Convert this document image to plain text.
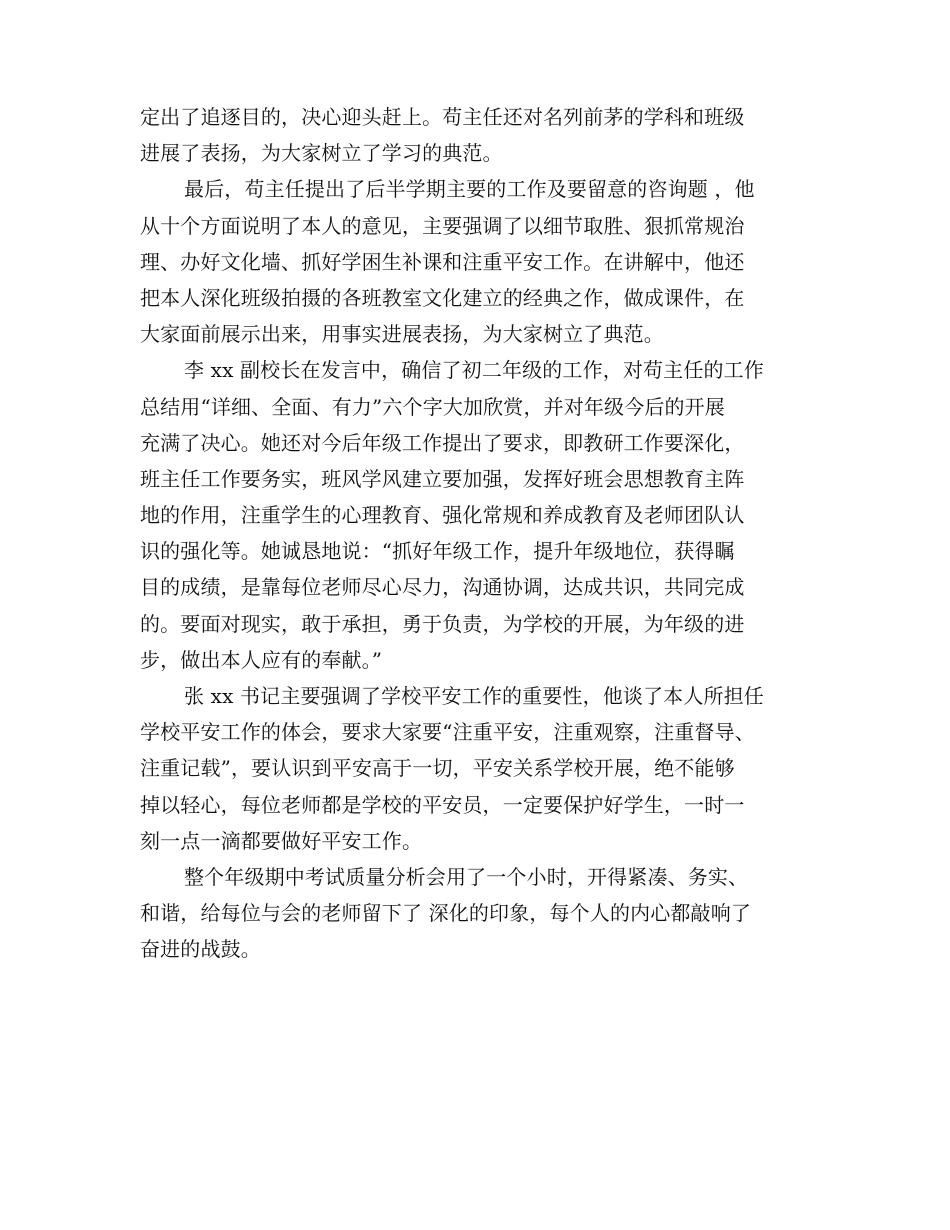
定出了追逐目的，决心迎头赶上。苟主任还对名列前茅的学科和班级
进展了表扬，为大家树立了学习的典范。
最后，苟主任提出了后半学期主要的工作及要留意的咨询题 ，他
从十个方面说明了本人的意见，主要强调了以细节取胜、狠抓常规治
理、办好文化墙、抓好学困生补课和注重平安工作。在讲解中，他还
把本人深化班级拍摄的各班教室文化建立的经典之作，做成课件，在
大家面前展示出来，用事实进展表扬，为大家树立了典范。
李 xx 副校长在发言中，确信了初二年级的工作，对苟主任的工作
总结用“详细、全面、有力”六个字大加欣赏，并对年级今后的开展
充满了决心。她还对今后年级工作提出了要求，即教研工作要深化，
班主任工作要务实，班风学风建立要加强，发挥好班会思想教育主阵
地的作用，注重学生的心理教育、强化常规和养成教育及老师团队认
识的强化等。她诚恳地说：“抓好年级工作，提升年级地位，获得瞩
目的成绩，是靠每位老师尽心尽力，沟通协调，达成共识，共同完成
的。要面对现实，敢于承担，勇于负责，为学校的开展，为年级的进
步，做出本人应有的奉献。”
张 xx 书记主要强调了学校平安工作的重要性，他谈了本人所担任
学校平安工作的体会，要求大家要“注重平安，注重观察，注重督导、
注重记载”，要认识到平安高于一切，平安关系学校开展，绝不能够
掉以轻心，每位老师都是学校的平安员，一定要保护好学生，一时一
刻一点一滴都要做好平安工作。
整个年级期中考试质量分析会用了一个小时，开得紧凑、务实、
和谐，给每位与会的老师留下了 深化的印象，每个人的内心都敲响了
奋进的战鼓。
